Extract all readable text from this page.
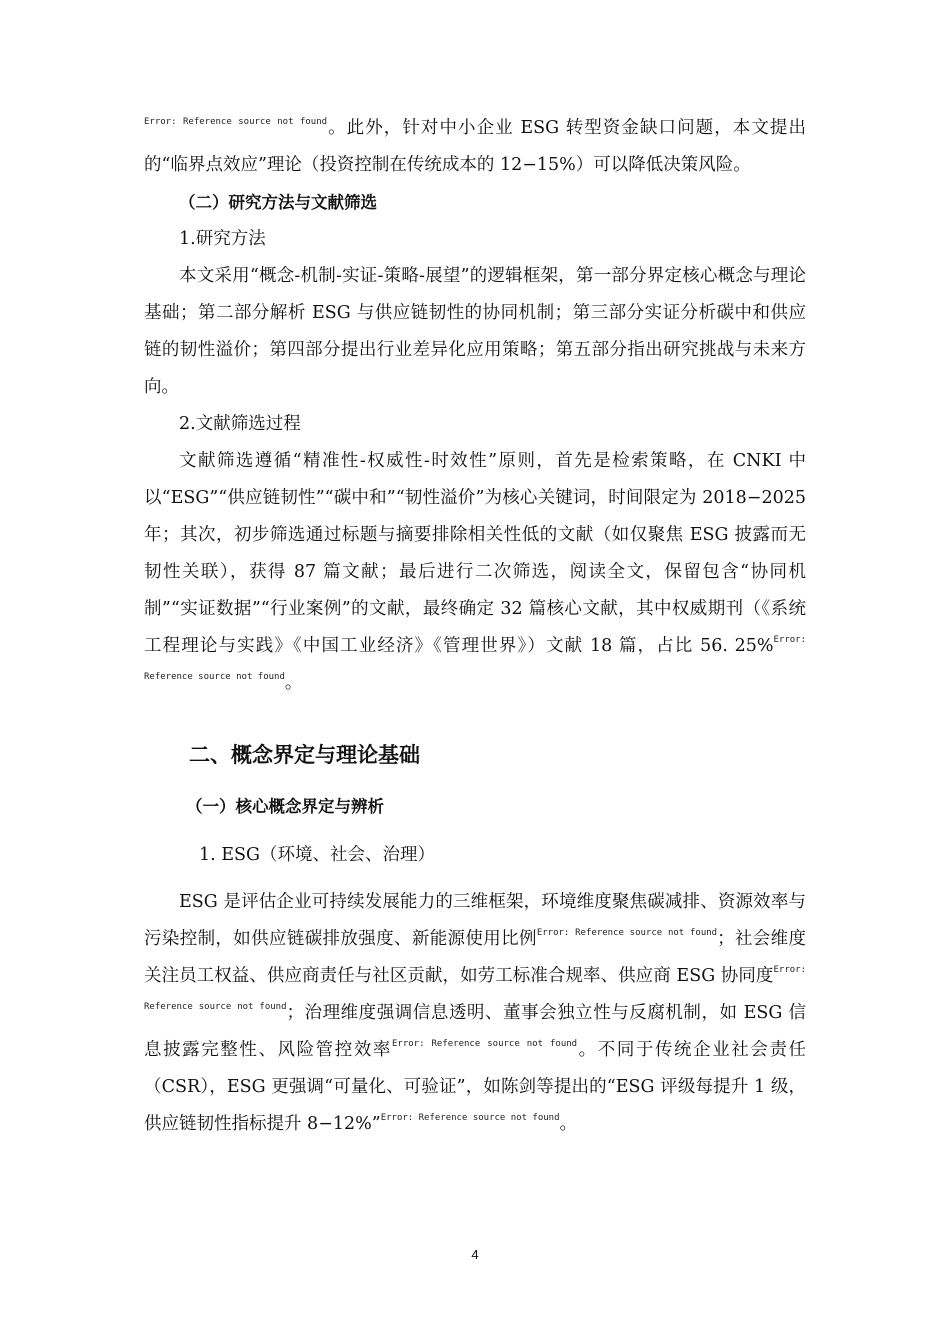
$^{Error: Reference source not found}$。此外，针对中小企业 ESG 转型资金缺口问题，本文提出的“临界点效应”理论（投资控制在传统成本的 12−15%）可以降低决策风险。

（二）研究方法与文献筛选

1.研究方法

本文采用“概念-机制-实证-策略-展望”的逻辑框架，第一部分界定核心概念与理论基础；第二部分解析 ESG 与供应链韧性的协同机制；第三部分实证分析碳中和供应链的韧性溢价；第四部分提出行业差异化应用策略；第五部分指出研究挑战与未来方向。

2.文献筛选过程

文献筛选遵循“精准性-权威性-时效性”原则，首先是检索策略，在 CNKI 中以“ESG”“供应链韧性”“碳中和”“韧性溢价”为核心关键词，时间限定为 2018−2025 年；其次，初步筛选通过标题与摘要排除相关性低的文献（如仅聚焦 ESG 披露而无韧性关联），获得 87 篇文献；最后进行二次筛选，阅读全文，保留包含“协同机制”“实证数据”“行业案例”的文献，最终确定 32 篇核心文献，其中权威期刊（《系统工程理论与实践》《中国工业经济》《管理世界》）文献 18 篇，占比 56. 25%$^{Error: Reference source not found}$。

二、概念界定与理论基础
（一）核心概念界定与辨析
1. ESG（环境、社会、治理）

ESG 是评估企业可持续发展能力的三维框架，环境维度聚焦碳减排、资源效率与污染控制，如供应链碳排放强度、新能源使用比例$^{Error: Reference source not found}$；社会维度关注员工权益、供应商责任与社区贡献，如劳工标准合规率、供应商 ESG 协同度$^{Error: Reference source not found}$；治理维度强调信息透明、董事会独立性与反腐机制，如 ESG 信息披露完整性、风险管控效率$^{Error: Reference source not found}$。不同于传统企业社会责任（CSR），ESG 更强调“可量化、可验证”，如陈剑等提出的“ESG 评级每提升 1 级，供应链韧性指标提升 8−12%”$^{Error: Reference source not found}$。

4
